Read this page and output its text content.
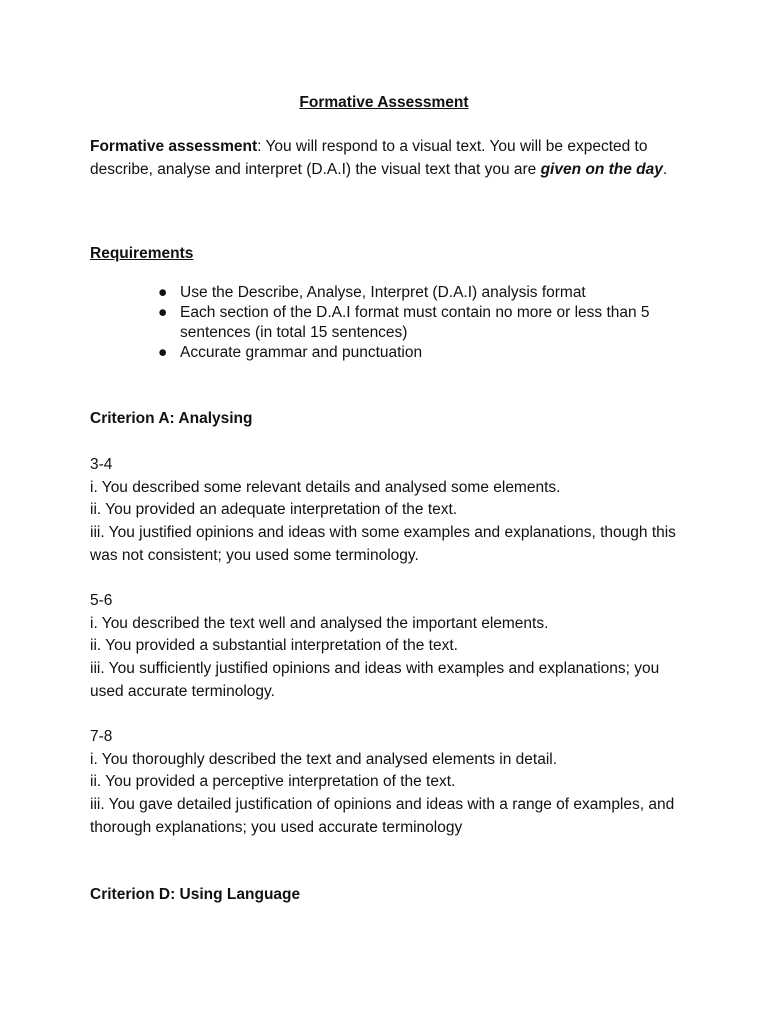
Formative Assessment

Formative assessment: You will respond to a visual text. You will be expected to describe, analyse and interpret (D.A.I) the visual text that you are given on the day.

Requirements
● Use the Describe, Analyse, Interpret (D.A.I) analysis format
● Each section of the D.A.I format must contain no more or less than 5 sentences (in total 15 sentences)
● Accurate grammar and punctuation
Criterion A: Analysing

3-4

i. You described some relevant details and analysed some elements.

ii. You provided an adequate interpretation of the text.

iii. You justified opinions and ideas with some examples and explanations, though this was not consistent; you used some terminology.

5-6

i. You described the text well and analysed the important elements.

ii. You provided a substantial interpretation of the text.

iii. You sufficiently justified opinions and ideas with examples and explanations; you used accurate terminology.

7-8

i. You thoroughly described the text and analysed elements in detail.

ii. You provided a perceptive interpretation of the text.

iii. You gave detailed justification of opinions and ideas with a range of examples, and thorough explanations; you used accurate terminology

Criterion D: Using Language
